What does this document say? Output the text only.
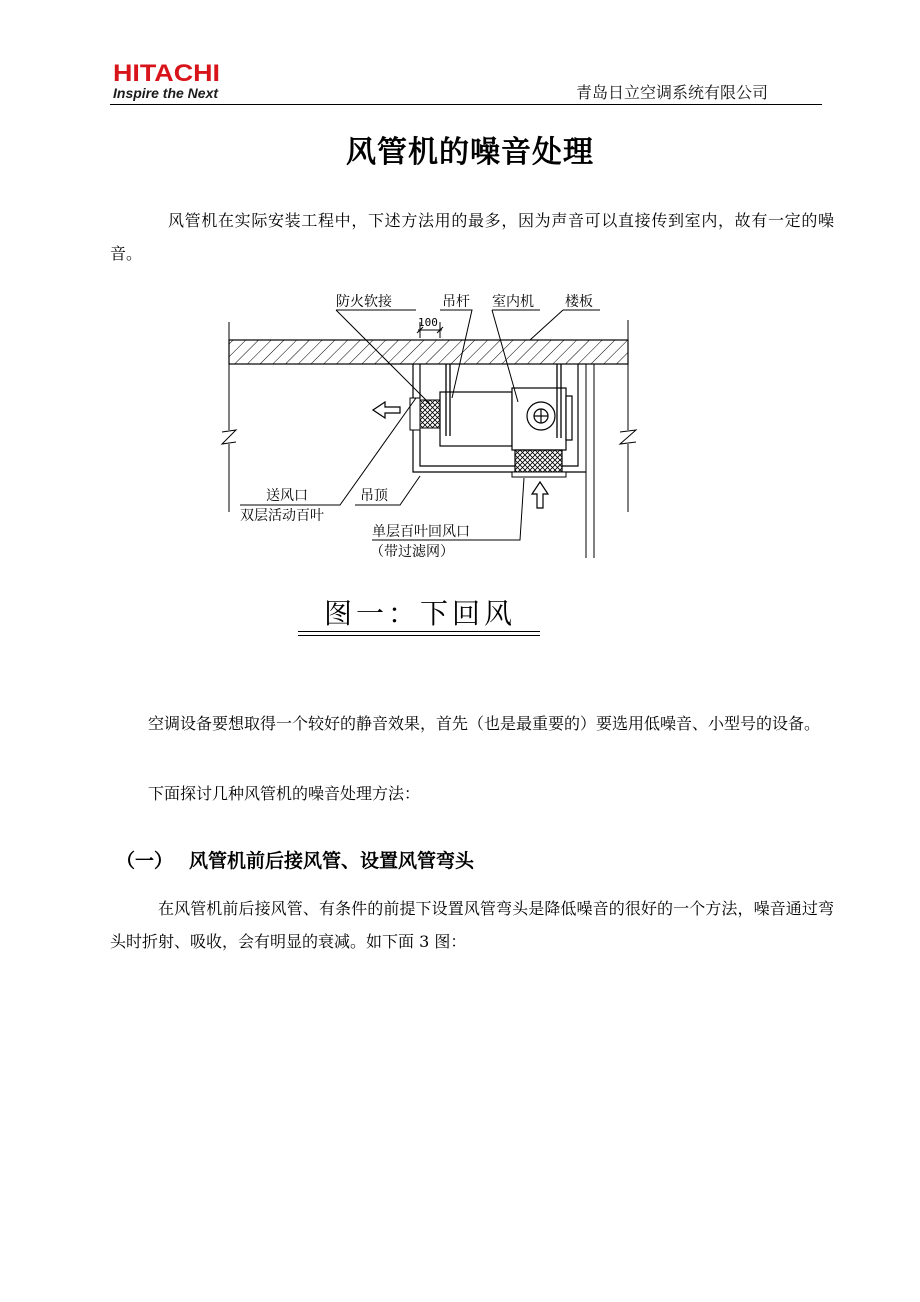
HITACHI
Inspire the Next	青岛日立空调系统有限公司
风管机的噪音处理
风管机在实际安装工程中，下述方法用的最多，因为声音可以直接传到室内，故有一定的噪音。
100
防火软接	吊杆 室内机 楼板
送风口
双层活动百叶
吊顶
单层百叶回风口
（带过滤网）
图一：下回风
空调设备要想取得一个较好的静音效果，首先（也是最重要的）要选用低噪音、小型号的设备。
下面探讨几种风管机的噪音处理方法：
（一） 风管机前后接风管、设置风管弯头
在风管机前后接风管、有条件的前提下设置风管弯头是降低噪音的很好的一个方法，噪音通过弯头时折射、吸收，会有明显的衰减。如下面 3 图：
